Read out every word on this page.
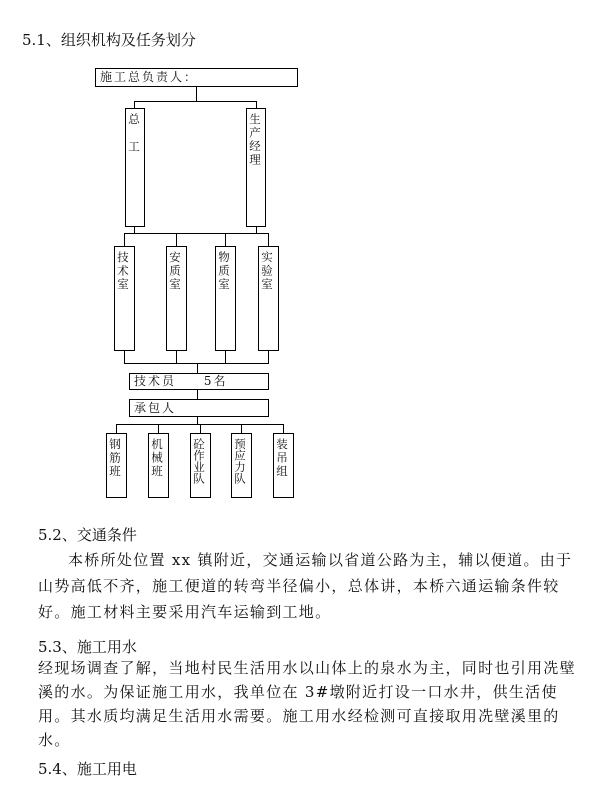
5.1、组织机构及任务划分
施工总负责人：
总工	生产经理
技术室	安质室	物质室	实验室
技术员 5名
承包人
钢筋班 机械班 砼作业队 预应力队 装吊组
5.2、交通条件
本桥所处位置 xx 镇附近，交通运输以省道公路为主，辅以便道。由于山势高低不齐，施工便道的转弯半径偏小，总体讲，本桥六通运输条件较好。施工材料主要采用汽车运输到工地。
5.3、施工用水
经现场调查了解，当地村民生活用水以山体上的泉水为主，同时也引用冼壁溪的水。为保证施工用水，我单位在 3#墩附近打设一口水井，供生活使用。其水质均满足生活用水需要。施工用水经检测可直接取用冼壁溪里的水。
5.4、施工用电
